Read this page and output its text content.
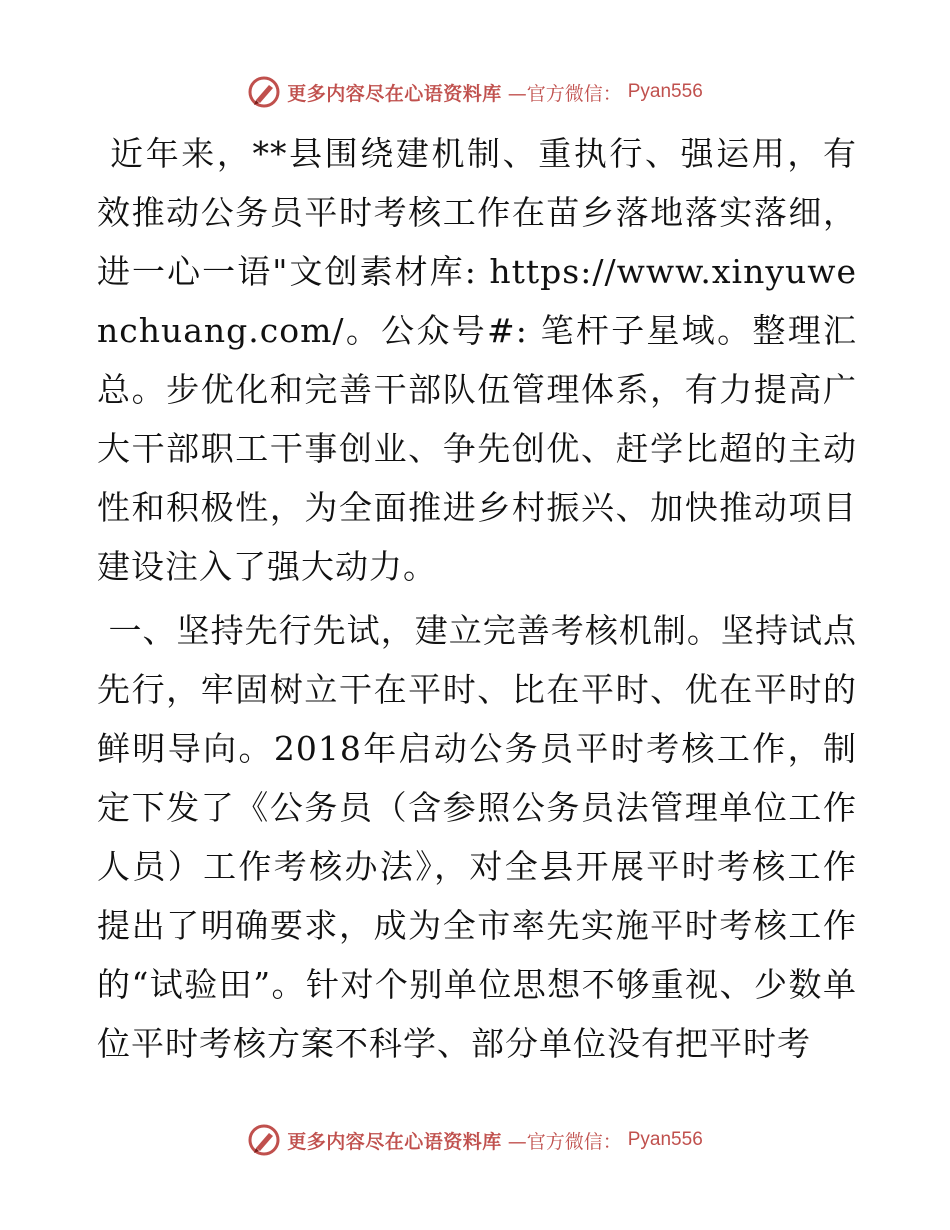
更多内容尽在心语资料库 —官方微信： Pyan556

近年来，**县围绕建机制、重执行、强运用，有效推动公务员平时考核工作在苗乡落地落实落细，进一心一语"文创素材库: https://www.xinyuwenchuang.com/。公众号#: 笔杆子星域。整理汇总。步优化和完善干部队伍管理体系，有力提高广大干部职工干事创业、争先创优、赶学比超的主动性和积极性，为全面推进乡村振兴、加快推动项目建设注入了强大动力。

一、坚持先行先试，建立完善考核机制。坚持试点先行，牢固树立干在平时、比在平时、优在平时的鲜明导向。2018年启动公务员平时考核工作，制定下发了《公务员（含参照公务员法管理单位工作人员）工作考核办法》，对全县开展平时考核工作提出了明确要求，成为全市率先实施平时考核工作的“试验田”。针对个别单位思想不够重视、少数单位平时考核方案不科学、部分单位没有把平时考

更多内容尽在心语资料库 —官方微信： Pyan556
